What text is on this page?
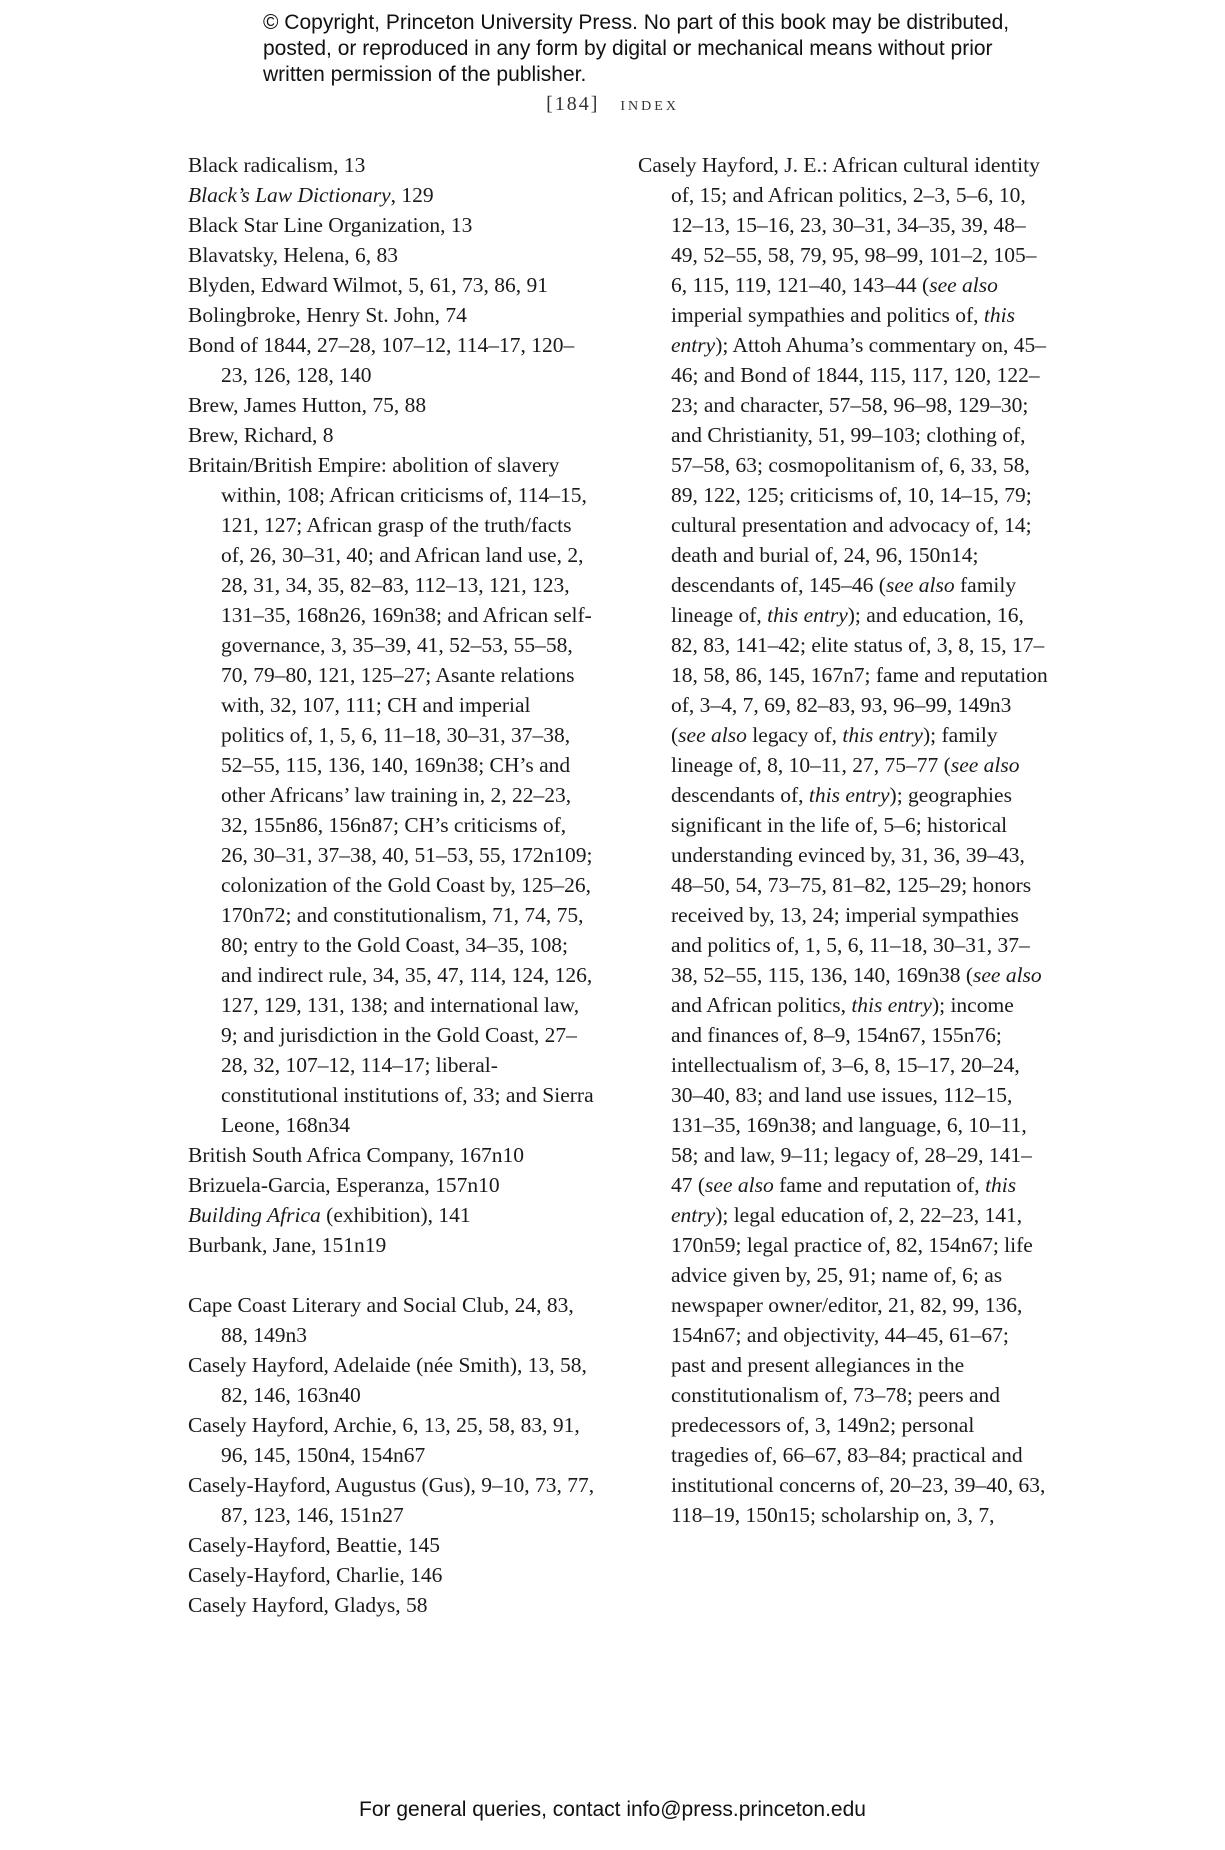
© Copyright, Princeton University Press. No part of this book may be distributed, posted, or reproduced in any form by digital or mechanical means without prior written permission of the publisher.
[184] index

Black radicalism, 13

Black’s Law Dictionary, 129

Black Star Line Organization, 13

Blavatsky, Helena, 6, 83

Blyden, Edward Wilmot, 5, 61, 73, 86, 91

Bolingbroke, Henry St. John, 74

Bond of 1844, 27–28, 107–12, 114–17, 120–23, 126, 128, 140

Brew, James Hutton, 75, 88

Brew, Richard, 8

Britain/British Empire: abolition of slavery within, 108; African criticisms of, 114–15, 121, 127; African grasp of the truth/facts of, 26, 30–31, 40; and African land use, 2, 28, 31, 34, 35, 82–83, 112–13, 121, 123, 131–35, 168n26, 169n38; and African self-governance, 3, 35–39, 41, 52–53, 55–58, 70, 79–80, 121, 125–27; Asante relations with, 32, 107, 111; CH and imperial politics of, 1, 5, 6, 11–18, 30–31, 37–38, 52–55, 115, 136, 140, 169n38; CH’s and other Africans’ law training in, 2, 22–23, 32, 155n86, 156n87; CH’s criticisms of, 26, 30–31, 37–38, 40, 51–53, 55, 172n109; colonization of the Gold Coast by, 125–26, 170n72; and constitutionalism, 71, 74, 75, 80; entry to the Gold Coast, 34–35, 108; and indirect rule, 34, 35, 47, 114, 124, 126, 127, 129, 131, 138; and international law, 9; and jurisdiction in the Gold Coast, 27–28, 32, 107–12, 114–17; liberal-constitutional institutions of, 33; and Sierra Leone, 168n34

British South Africa Company, 167n10

Brizuela-Garcia, Esperanza, 157n10

Building Africa (exhibition), 141

Burbank, Jane, 151n19

Cape Coast Literary and Social Club, 24, 83, 88, 149n3

Casely Hayford, Adelaide (née Smith), 13, 58, 82, 146, 163n40

Casely Hayford, Archie, 6, 13, 25, 58, 83, 91, 96, 145, 150n4, 154n67

Casely-Hayford, Augustus (Gus), 9–10, 73, 77, 87, 123, 146, 151n27

Casely-Hayford, Beattie, 145

Casely-Hayford, Charlie, 146

Casely Hayford, Gladys, 58

Casely Hayford, J. E.: African cultural identity of, 15; and African politics, 2–3, 5–6, 10, 12–13, 15–16, 23, 30–31, 34–35, 39, 48–49, 52–55, 58, 79, 95, 98–99, 101–2, 105–6, 115, 119, 121–40, 143–44 (see also imperial sympathies and politics of, this entry); Attoh Ahuma’s commentary on, 45–46; and Bond of 1844, 115, 117, 120, 122–23; and character, 57–58, 96–98, 129–30; and Christianity, 51, 99–103; clothing of, 57–58, 63; cosmopolitanism of, 6, 33, 58, 89, 122, 125; criticisms of, 10, 14–15, 79; cultural presentation and advocacy of, 14; death and burial of, 24, 96, 150n14; descendants of, 145–46 (see also family lineage of, this entry); and education, 16, 82, 83, 141–42; elite status of, 3, 8, 15, 17–18, 58, 86, 145, 167n7; fame and reputation of, 3–4, 7, 69, 82–83, 93, 96–99, 149n3 (see also legacy of, this entry); family lineage of, 8, 10–11, 27, 75–77 (see also descendants of, this entry); geographies significant in the life of, 5–6; historical understanding evinced by, 31, 36, 39–43, 48–50, 54, 73–75, 81–82, 125–29; honors received by, 13, 24; imperial sympathies and politics of, 1, 5, 6, 11–18, 30–31, 37–38, 52–55, 115, 136, 140, 169n38 (see also and African politics, this entry); income and finances of, 8–9, 154n67, 155n76; intellectualism of, 3–6, 8, 15–17, 20–24, 30–40, 83; and land use issues, 112–15, 131–35, 169n38; and language, 6, 10–11, 58; and law, 9–11; legacy of, 28–29, 141–47 (see also fame and reputation of, this entry); legal education of, 2, 22–23, 141, 170n59; legal practice of, 82, 154n67; life advice given by, 25, 91; name of, 6; as newspaper owner/editor, 21, 82, 99, 136, 154n67; and objectivity, 44–45, 61–67; past and present allegiances in the constitutionalism of, 73–78; peers and predecessors of, 3, 149n2; personal tragedies of, 66–67, 83–84; practical and institutional concerns of, 20–23, 39–40, 63, 118–19, 150n15; scholarship on, 3, 7,

For general queries, contact info@press.princeton.edu
